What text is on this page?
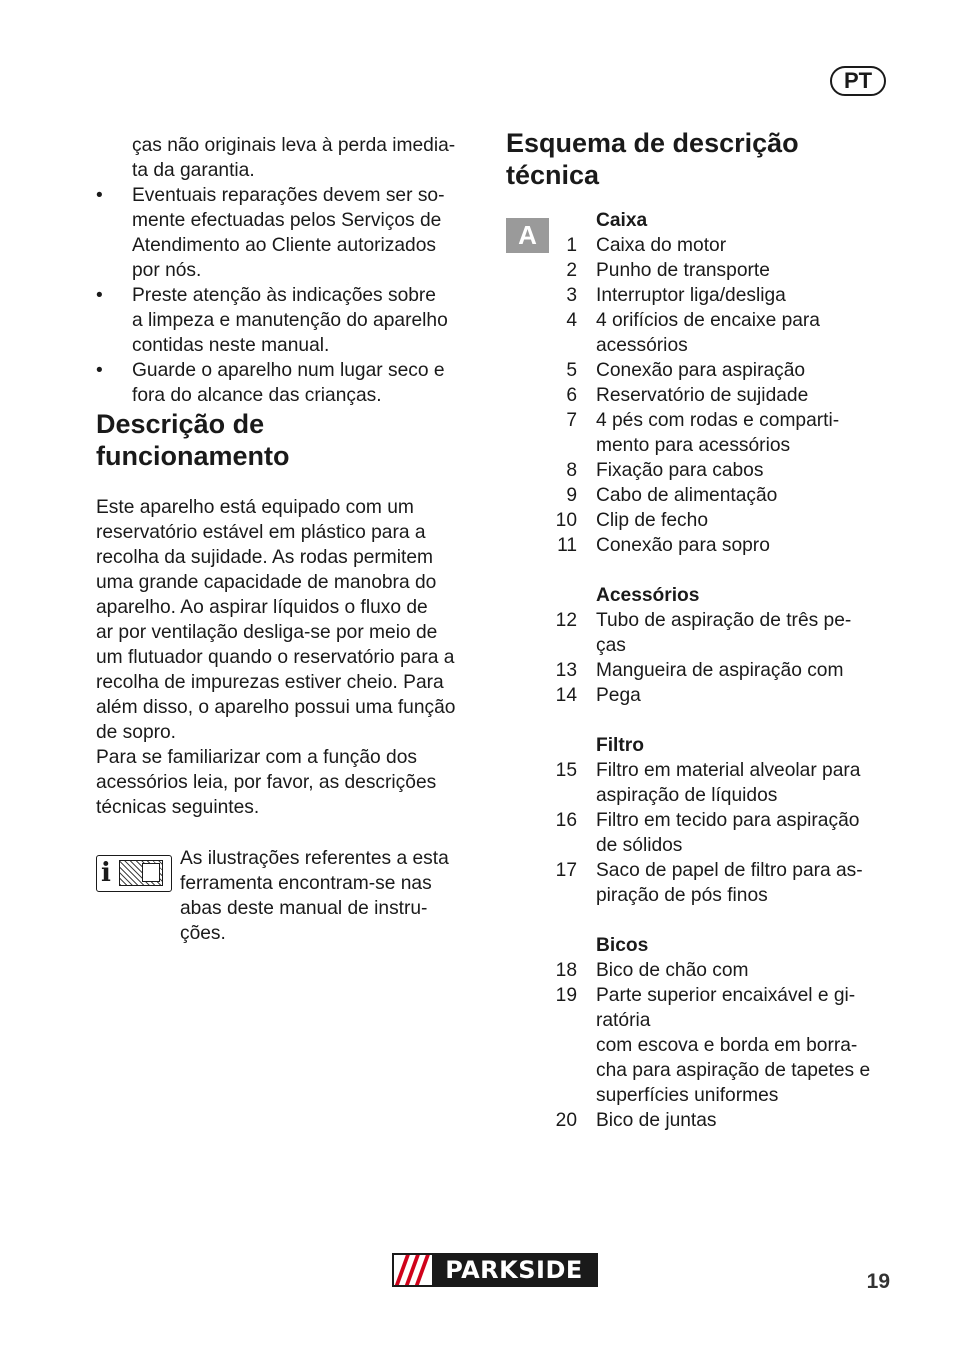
PT
ças não originais leva à perda imedia-
ta da garantia.
• Eventuais reparações devem ser so-
mente efectuadas pelos Serviços de
Atendimento ao Cliente autorizados
por nós.
• Preste atenção às indicações sobre
a limpeza e manutenção do aparelho
contidas neste manual.
• Guarde o aparelho num lugar seco e
fora do alcance das crianças.
Descrição de
funcionamento
Este aparelho está equipado com um
reservatório estável em plástico para a
recolha da sujidade. As rodas permitem
uma grande capacidade de manobra do
aparelho. Ao aspirar líquidos o fluxo de
ar por ventilação desliga-se por meio de
um flutuador quando o reservatório para a
recolha de impurezas estiver cheio. Para
além disso, o aparelho possui uma função
de sopro.
Para se familiarizar com a função dos
acessórios leia, por favor, as descrições
técnicas seguintes.
i	As ilustrações referentes a esta
ferramenta encontram-se nas
abas deste manual de instru-
ções.
Esquema de descrição
técnica
A	Caixa
1 Caixa do motor
2 Punho de transporte
3 Interruptor liga/desliga
4 4 orifícios de encaixe para
acessórios
5 Conexão para aspiração
6 Reservatório de sujidade
7 4 pés com rodas e comparti-
mento para acessórios
8 Fixação para cabos
9 Cabo de alimentação
10 Clip de fecho
11 Conexão para sopro
Acessórios
12 Tubo de aspiração de três pe-
ças
13 Mangueira de aspiração com
14 Pega
Filtro
15 Filtro em material alveolar para
aspiração de líquidos
16 Filtro em tecido para aspiração
de sólidos
17 Saco de papel de filtro para as-
piração de pós finos
Bicos
18 Bico de chão com
19 Parte superior encaixável e gi-
ratória
com escova e borda em borra-
cha para aspiração de tapetes e
superfícies uniformes
20 Bico de juntas
PARKSIDE	19
